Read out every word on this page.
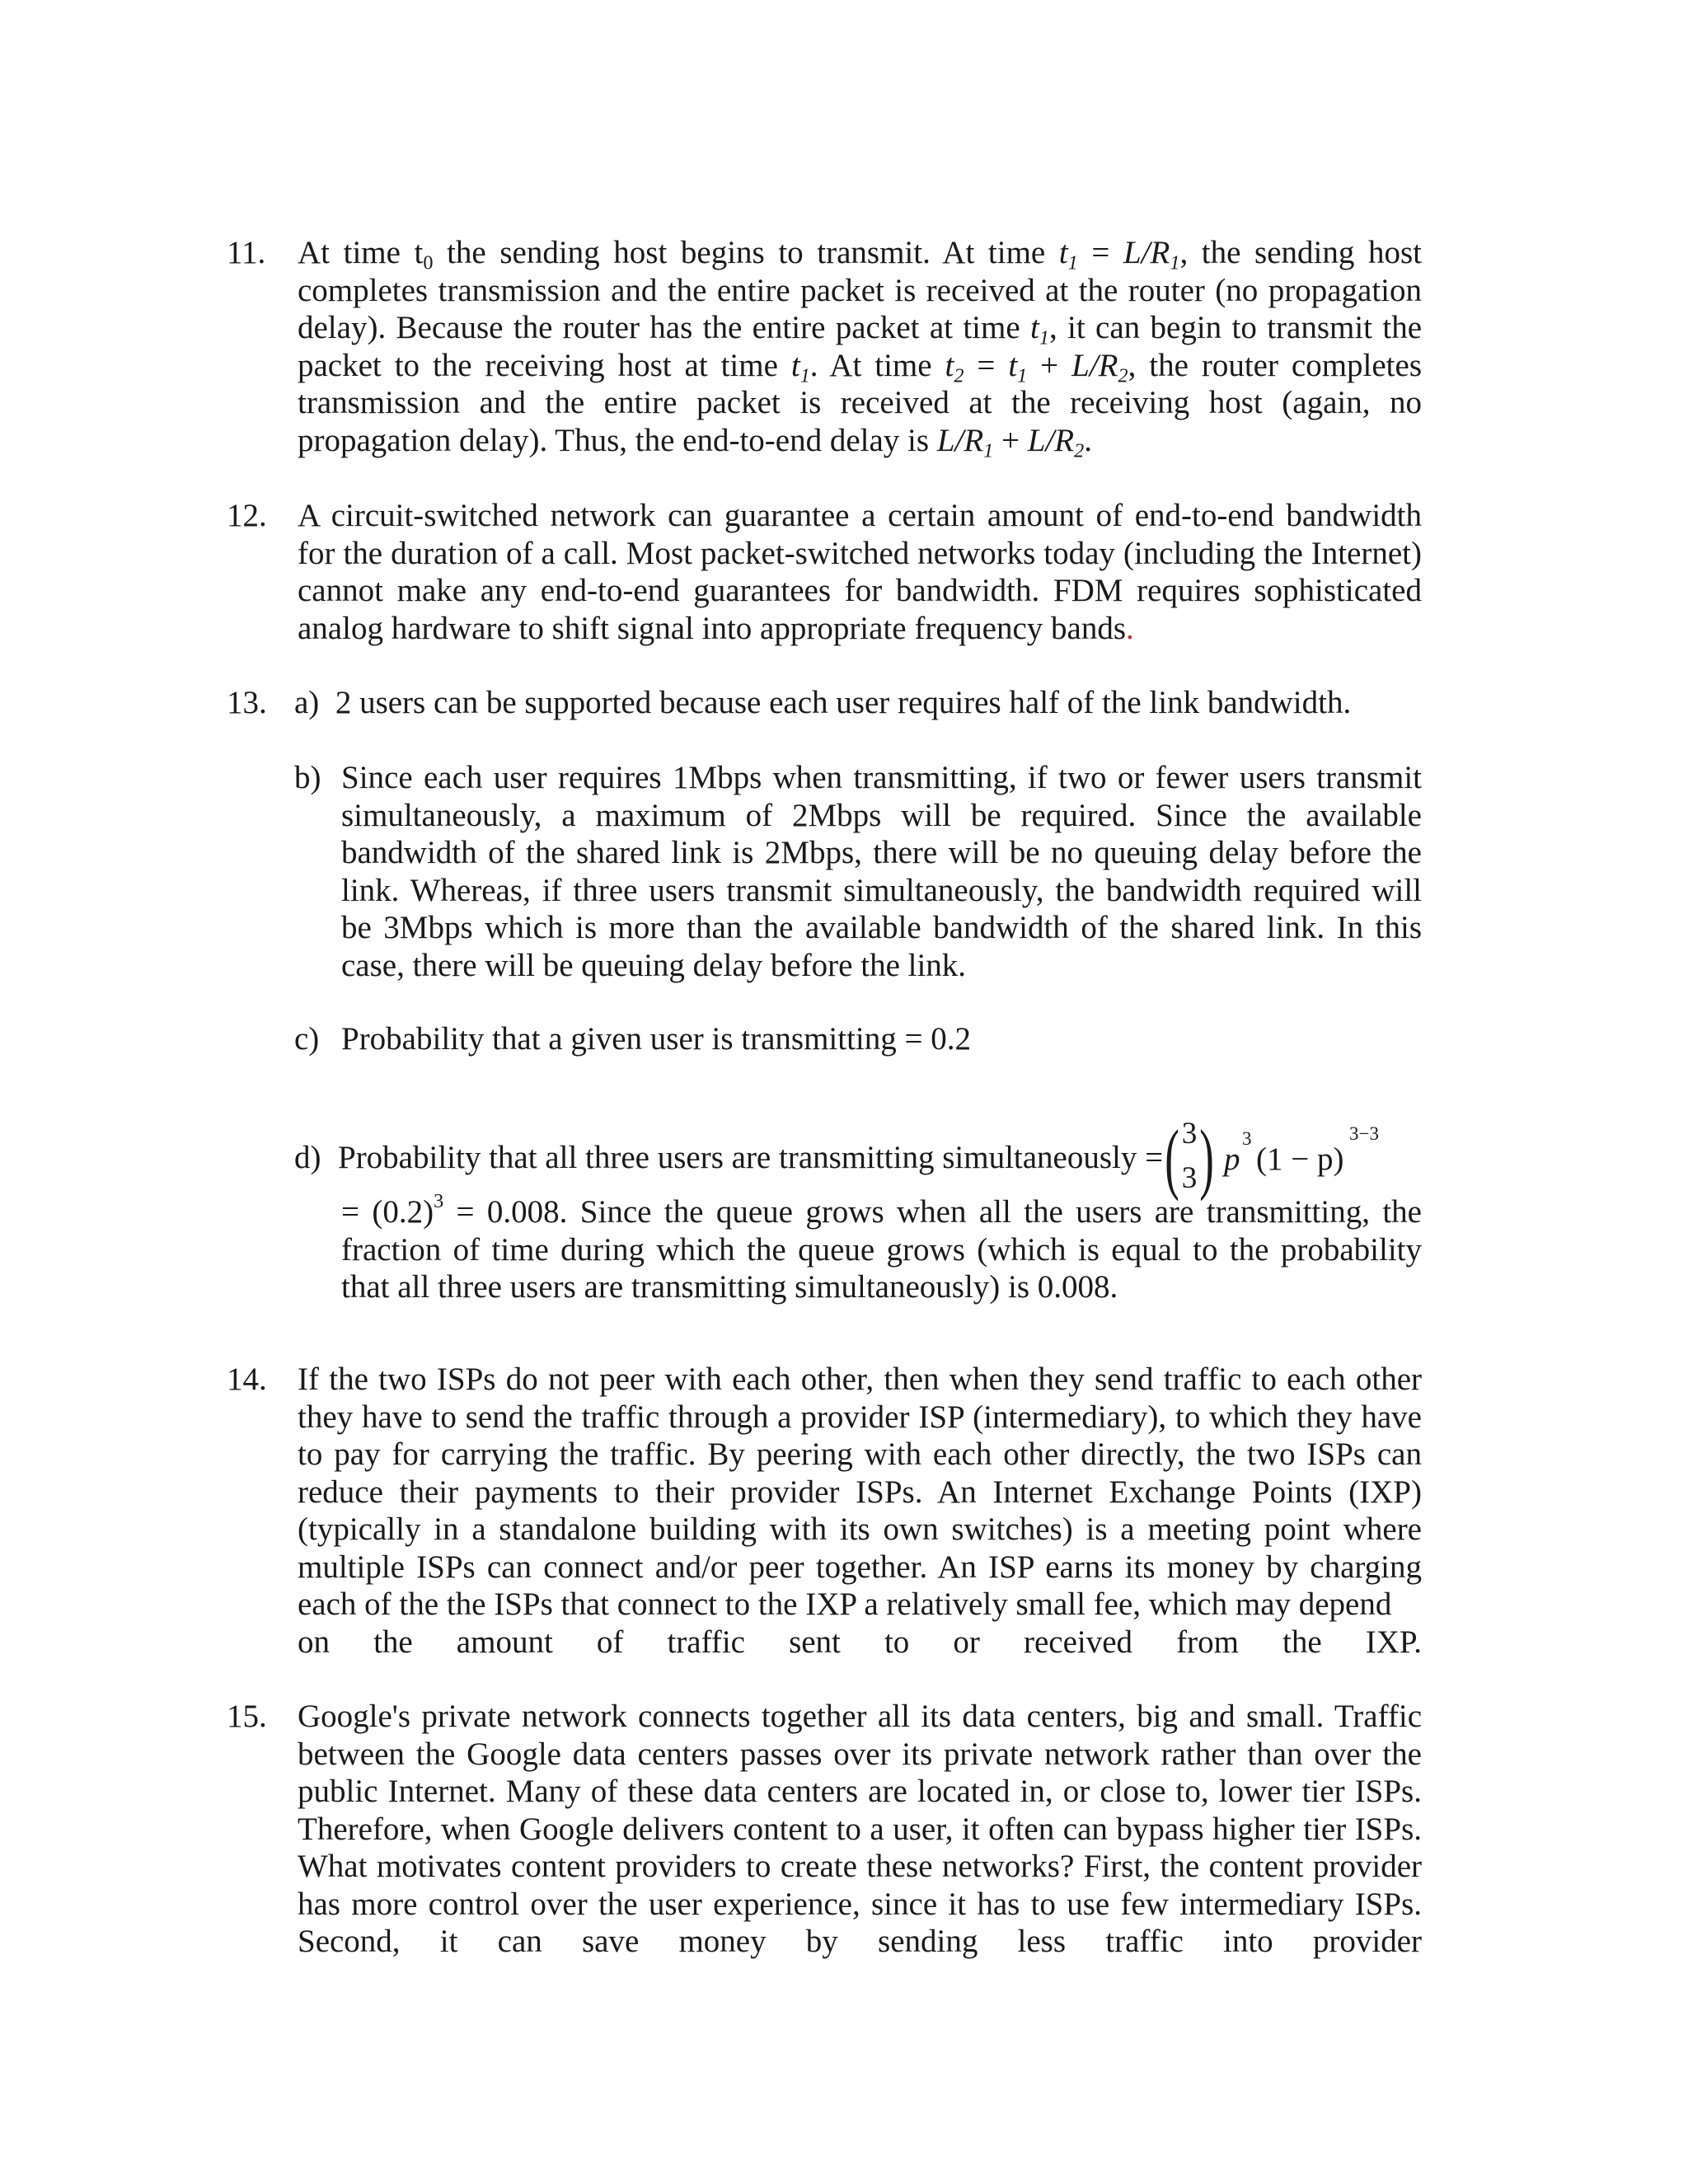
11. At time $t_0$ the sending host begins to transmit. At time $t_1 = L/R_1$, the sending host completes transmission and the entire packet is received at the router (no propagation delay). Because the router has the entire packet at time $t_1$, it can begin to transmit the packet to the receiving host at time $t_1$. At time $t_2 = t_1 + L/R_2$, the router completes transmission and the entire packet is received at the receiving host (again, no propagation delay). Thus, the end-to-end delay is $L/R_1 + L/R_2$.
12. A circuit-switched network can guarantee a certain amount of end-to-end bandwidth for the duration of a call. Most packet-switched networks today (including the Internet) cannot make any end-to-end guarantees for bandwidth. FDM requires sophisticated analog hardware to shift signal into appropriate frequency bands.
13. a) 2 users can be supported because each user requires half of the link bandwidth.
b) Since each user requires 1Mbps when transmitting, if two or fewer users transmit simultaneously, a maximum of 2Mbps will be required. Since the available bandwidth of the shared link is 2Mbps, there will be no queuing delay before the link. Whereas, if three users transmit simultaneously, the bandwidth required will be 3Mbps which is more than the available bandwidth of the shared link. In this case, there will be queuing delay before the link.
c) Probability that a given user is transmitting = 0.2
d) Probability that all three users are transmitting simultaneously = ( 3
3 ) p
3
(1 − p)
3−3
= $(0.2)^3 = 0.008$. Since the queue grows when all the users are transmitting, the fraction of time during which the queue grows (which is equal to the probability that all three users are transmitting simultaneously) is 0.008.
14. If the two ISPs do not peer with each other, then when they send traffic to each other they have to send the traffic through a provider ISP (intermediary), to which they have to pay for carrying the traffic. By peering with each other directly, the two ISPs can reduce their payments to their provider ISPs. An Internet Exchange Points (IXP) (typically in a standalone building with its own switches) is a meeting point where multiple ISPs can connect and/or peer together. An ISP earns its money by charging each of the the ISPs that connect to the IXP a relatively small fee, which may depend
on the amount of traffic sent to or received from the IXP.
15. Google's private network connects together all its data centers, big and small. Traffic between the Google data centers passes over its private network rather than over the public Internet. Many of these data centers are located in, or close to, lower tier ISPs. Therefore, when Google delivers content to a user, it often can bypass higher tier ISPs. What motivates content providers to create these networks? First, the content provider has more control over the user experience, since it has to use few intermediary ISPs. Second, it can save money by sending less traffic into provider
